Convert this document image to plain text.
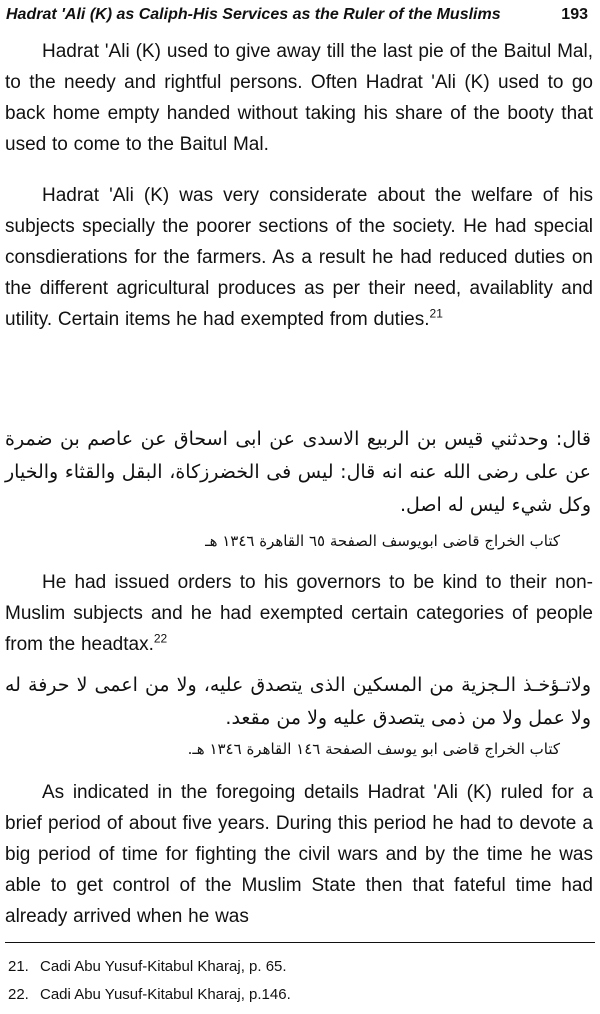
Hadrat 'Ali (K) as Caliph-His Services as the Ruler of the Muslims	193

Hadrat 'Ali (K) used to give away till the last pie of the Baitul Mal, to the needy and rightful persons. Often Hadrat 'Ali (K) used to go back home empty handed without taking his share of the booty that used to come to the Baitul Mal.

Hadrat 'Ali (K) was very considerate about the welfare of his subjects specially the poorer sections of the society. He had special consdierations for the farmers. As a result he had reduced duties on the different agricultural produces as per their need, availablity and utility. Certain items he had exempted from duties.$^{21}$

قال: وحدثني قيس بن الربيع الاسدى عن ابى اسحاق عن عاصم بن ضمرة عن على رضى الله عنه انه قال: ليس فى الخضرزكاة، البقل والقثاء والخيار وكل شيء ليس له اصل.

كتاب الخراج قاضى ابويوسف الصفحة ٦٥ القاهرة ١٣٤٦ هـ

He had issued orders to his governors to be kind to their non-Muslim subjects and he had exempted certain categories of people from the headtax.$^{22}$

ولاتـؤخـذ الـجزية من المسكين الذى يتصدق عليه، ولا من اعمى لا حرفة له ولا عمل ولا من ذمى يتصدق عليه ولا من مقعد.

كتاب الخراج قاضى ابو يوسف الصفحة ١٤٦ القاهرة ١٣٤٦ هـ.

As indicated in the foregoing details Hadrat 'Ali (K) ruled for a brief period of about five years. During this period he had to devote a big period of time for fighting the civil wars and by the time he was able to get control of the Muslim State then that fateful time had already arrived when he was

21. Cadi Abu Yusuf-Kitabul Kharaj, p. 65.

22. Cadi Abu Yusuf-Kitabul Kharaj, p.146.
